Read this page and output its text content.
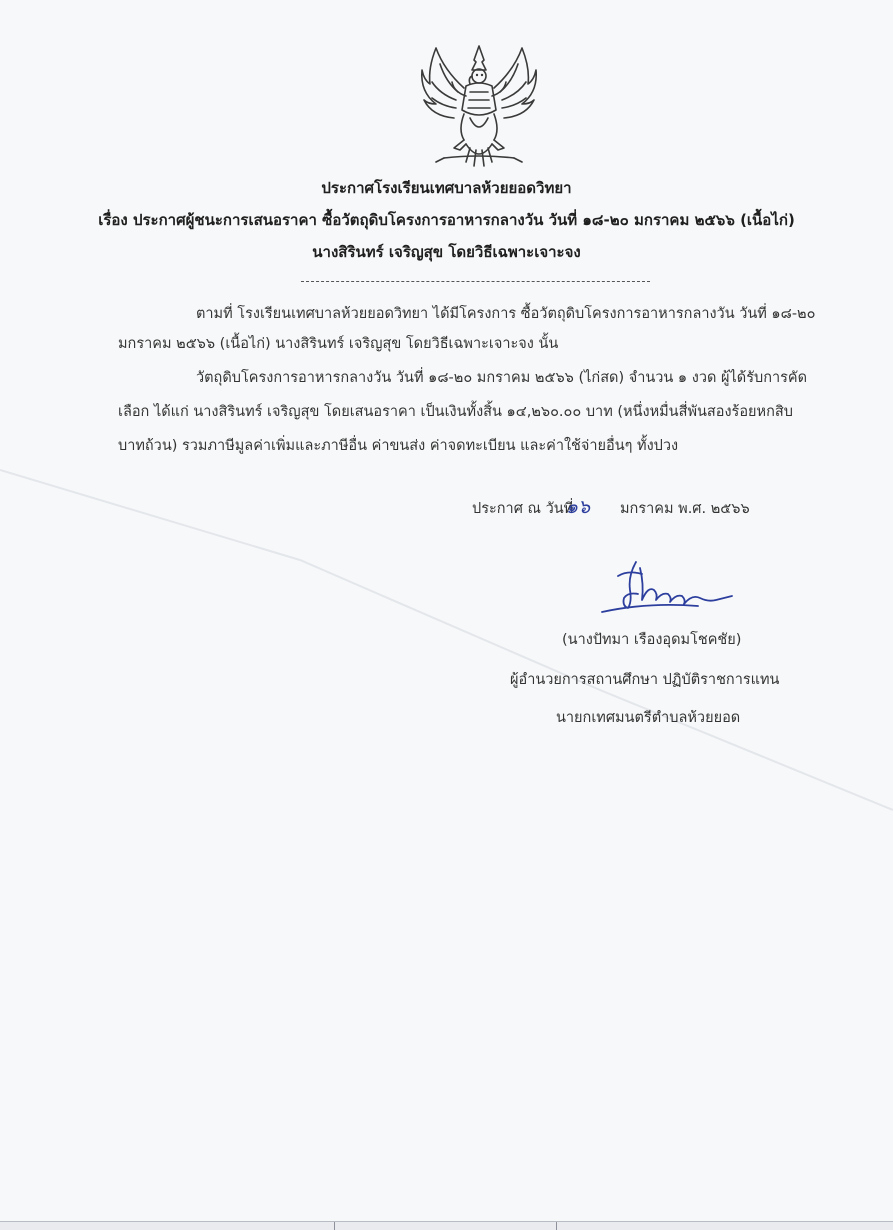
ประกาศโรงเรียนเทศบาลห้วยยอดวิทยา
เรื่อง ประกาศผู้ชนะการเสนอราคา ซื้อวัตถุดิบโครงการอาหารกลางวัน วันที่ ๑๘-๒๐ มกราคม ๒๕๖๖ (เนื้อไก่)
นางสิรินทร์ เจริญสุข โดยวิธีเฉพาะเจาะจง
ตามที่ โรงเรียนเทศบาลห้วยยอดวิทยา ได้มีโครงการ ซื้อวัตถุดิบโครงการอาหารกลางวัน วันที่ ๑๘-๒๐
มกราคม ๒๕๖๖ (เนื้อไก่) นางสิรินทร์ เจริญสุข โดยวิธีเฉพาะเจาะจง นั้น
วัตถุดิบโครงการอาหารกลางวัน วันที่ ๑๘-๒๐ มกราคม ๒๕๖๖ (ไก่สด) จำนวน ๑ งวด ผู้ได้รับการคัด
เลือก ได้แก่ นางสิรินทร์ เจริญสุข โดยเสนอราคา เป็นเงินทั้งสิ้น ๑๔,๒๖๐.๐๐ บาท (หนึ่งหมื่นสี่พันสองร้อยหกสิบ
บาทถ้วน) รวมภาษีมูลค่าเพิ่มและภาษีอื่น ค่าขนส่ง ค่าจดทะเบียน และค่าใช้จ่ายอื่นๆ ทั้งปวง
ประกาศ ณ วันที่
๑๖ มกราคม พ.ศ. ๒๕๖๖
(นางปัทมา เรืองอุดมโชคชัย)
ผู้อำนวยการสถานศึกษา ปฏิบัติราชการแทน
นายกเทศมนตรีตำบลห้วยยอด
